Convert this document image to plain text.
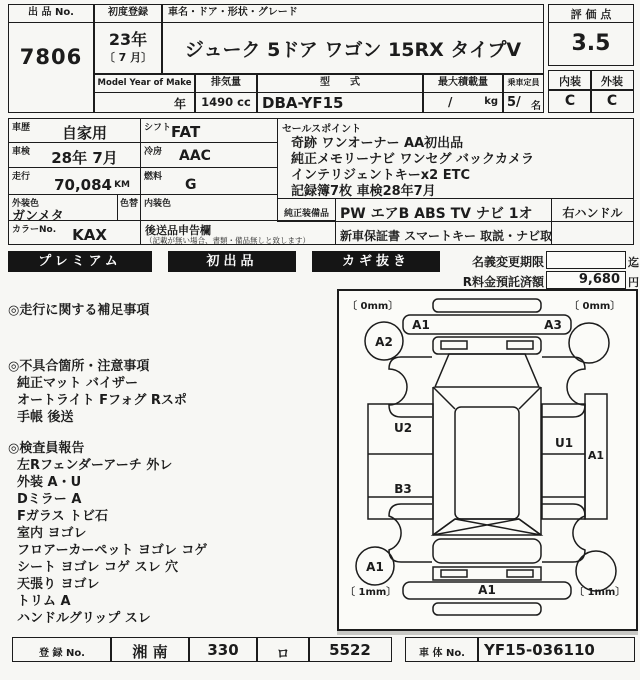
出 品 No.
7806
初度登録
23年
〔 7 月〕
車名・ドア・形状・グレード
ジューク 5ドア ワゴン 15RX タイプV
Model Year of Make
年
排気量
1490 cc
型　　式
DBA-YF15
最大積載量
/	kg
乗車定員
5/	名
評 価 点
3.5
内装	外装
C	C
車歴	自家用	シフト FAT
車検	28年 7月	冷房	AAC
走行	70,084 KM
燃料	G
外装色
ガンメタ
色替 内装色
カラーNo.	KAX	後送品申告欄
（記載が無い場合、書類・備品無しと致します）
セールスポイント
奇跡 ワンオーナー AA初出品
純正メモリーナビ ワンセグ バックカメラ
インテリジェントキーx2 ETC
記録簿7枚 車検28年7月
純正装備品 PW エアB ABS TV ナビ 1オ	右ハンドル
新車保証書 スマートキー 取説・ナビ取
プレミアム	初出品	カギ抜き	名義変更期限	迄
R料金預託済額	9,680 円
◎走行に関する補足事項
◎不具合箇所・注意事項
純正マット バイザー
オートライト Fフォグ Rスポ
手帳 後送
◎検査員報告
左Rフェンダーアーチ 外レ
外装 A・U
Dミラー A
Fガラス トビ石
室内 ヨゴレ
フロアーカーペット ヨゴレ コゲ
シート ヨゴレ コゲ スレ 穴
天張り ヨゴレ
トリム A
ハンドルグリップ スレ
〔 0mm〕	〔 0mm〕
〔 1mm〕	〔 1mm〕
A2
A1
A1	A3
U2
B3
U1
A1
A1
登 録 No.	湘 南	330	ロ	5522	車 体 No.	YF15-036110
